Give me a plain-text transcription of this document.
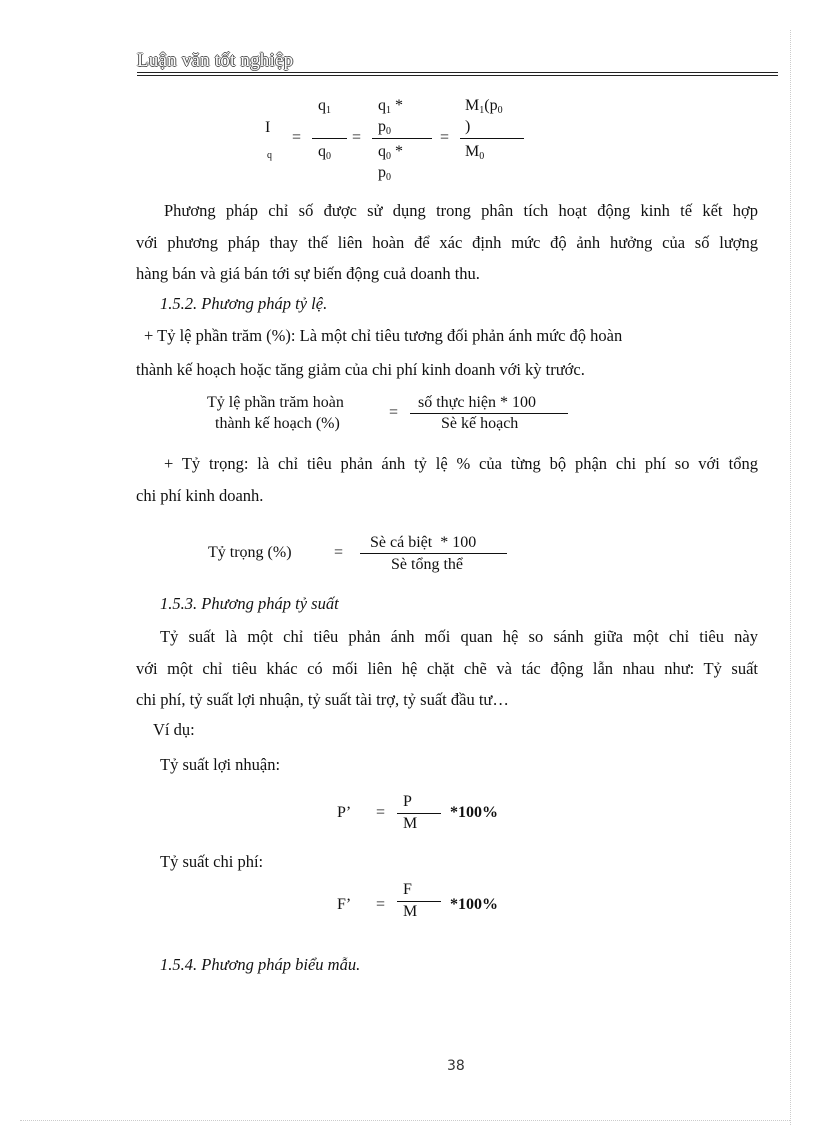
Luận văn tốt nghiệp
I
q
=
$q_1$
$q_0$
=
$q_1$ *
$p_0$
$q_0$ *
$p_0$
=
$M_1(p_0$
)
$M_0$
Phương pháp chỉ số được sử dụng trong phân tích hoạt động kinh tế kết hợp
với phương pháp thay thế liên hoàn để xác định mức độ ảnh hưởng của số lượng
hàng bán và giá bán tới sự biến động cuả doanh thu.
1.5.2. Phương pháp tỷ lệ.
+ Tỷ lệ phần trăm (%): Là một chỉ tiêu tương đối phản ánh mức độ hoàn
thành kế hoạch hoặc tăng giảm của chi phí kinh doanh với kỳ trước.
Tỷ lệ phần trăm hoàn
thành kế hoạch (%)
=
số thực hiện * 100
Sè kế hoạch
+ Tỷ trọng: là chỉ tiêu phản ánh tỷ lệ % của từng bộ phận chi phí so với tổng
chi phí kinh doanh.
Tỷ trọng (%)	=
Sè cá biệt  * 100
Sè tổng thể
1.5.3. Phương pháp tỷ suất
Tỷ suất là một chỉ tiêu phản ánh mối quan hệ so sánh giữa một chỉ tiêu này
với một chỉ tiêu khác có mối liên hệ chặt chẽ và tác động lẫn nhau như: Tỷ suất
chi phí, tỷ suất lợi nhuận, tỷ suất tài trợ, tỷ suất đầu tư…
Ví dụ:
Tỷ suất lợi nhuận:
P’ =
P
M
*100%
Tỷ suất chi phí:
F’ =
F
M *100%
1.5.4. Phương pháp biểu mẫu.
38
